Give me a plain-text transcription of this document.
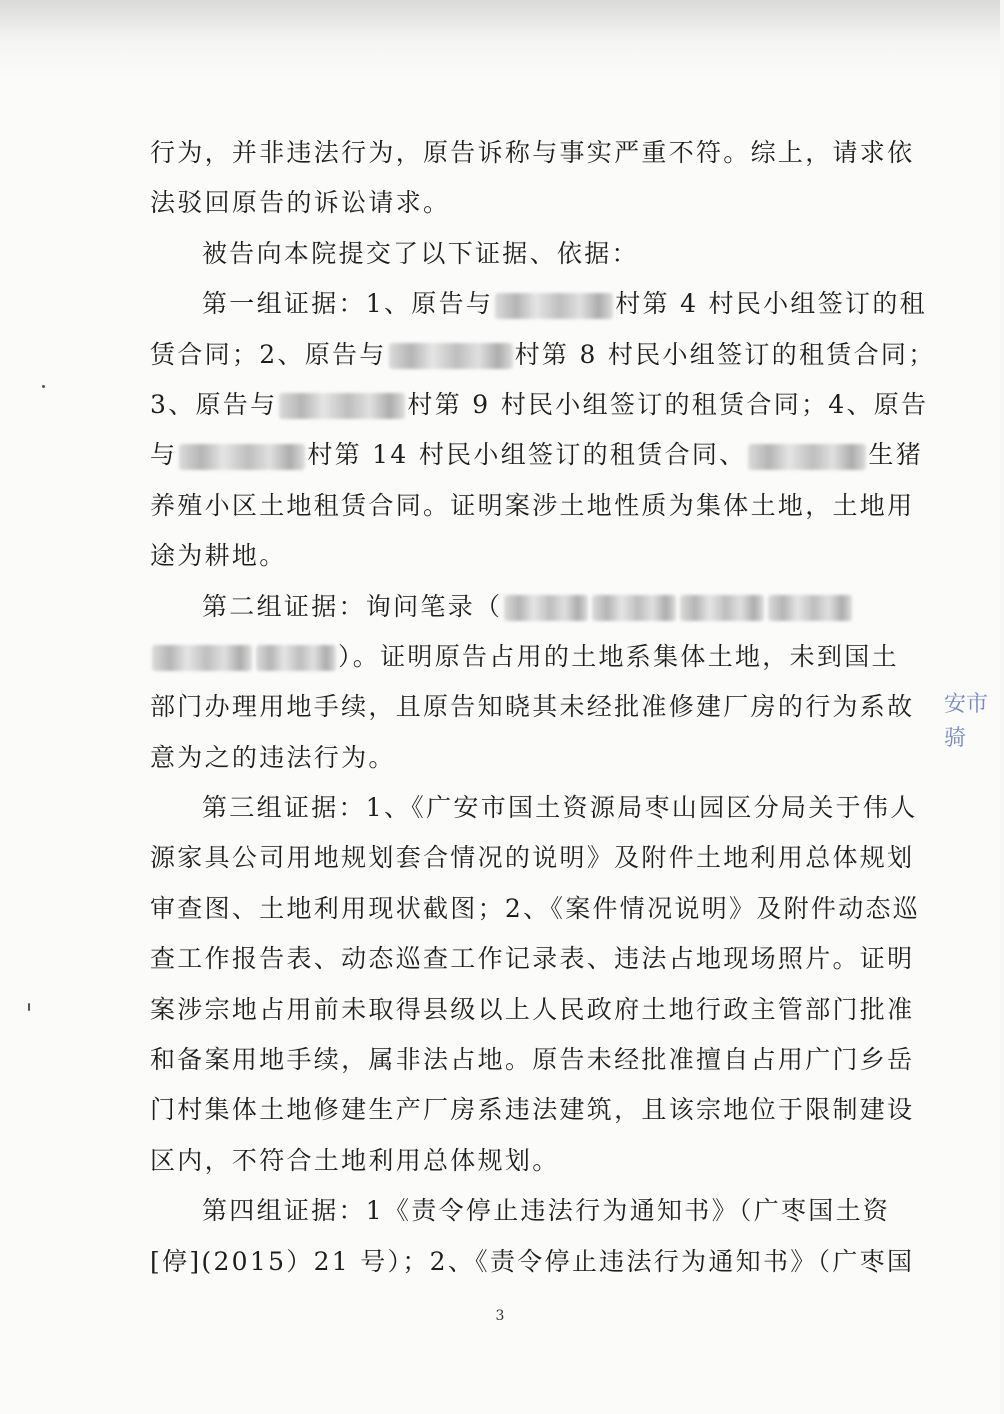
行为，并非违法行为，原告诉称与事实严重不符。综上，请求依
法驳回原告的诉讼请求。
被告向本院提交了以下证据、依据：
第一组证据：1、原告与	村第 4 村民小组签订的租
赁合同；2、原告与	村第 8 村民小组签订的租赁合同；
3、原告与	村第 9 村民小组签订的租赁合同；4、原告
与	村第 14 村民小组签订的租赁合同、	生猪
养殖小区土地租赁合同。证明案涉土地性质为集体土地，土地用
途为耕地。
第二组证据：询问笔录（
）。证明原告占用的土地系集体土地，未到国土
部门办理用地手续，且原告知晓其未经批准修建厂房的行为系故
意为之的违法行为。
第三组证据：1、《广安市国土资源局枣山园区分局关于伟人
源家具公司用地规划套合情况的说明》及附件土地利用总体规划
审查图、土地利用现状截图；2、《案件情况说明》及附件动态巡
查工作报告表、动态巡查工作记录表、违法占地现场照片。证明
案涉宗地占用前未取得县级以上人民政府土地行政主管部门批准
和备案用地手续，属非法占地。原告未经批准擅自占用广门乡岳
门村集体土地修建生产厂房系违法建筑，且该宗地位于限制建设
区内，不符合土地利用总体规划。
第四组证据：1《责令停止违法行为通知书》（广枣国土资
[停](2015）21 号）；2、《责令停止违法行为通知书》（广枣国
安市
骑
3
